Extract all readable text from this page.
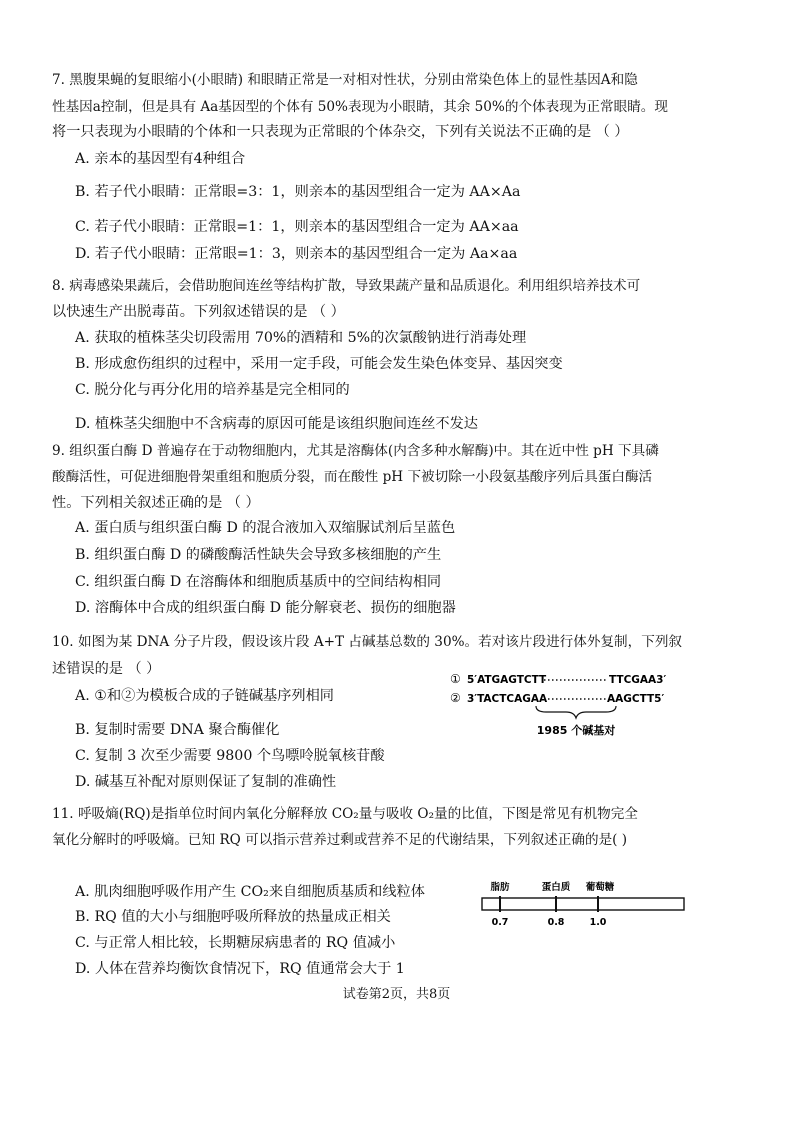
7. 黑腹果蝇的复眼缩小(小眼睛) 和眼睛正常是一对相对性状，分别由常染色体上的显性基因A和隐
性基因a控制，但是具有 Aa基因型的个体有 50%表现为小眼睛，其余 50%的个体表现为正常眼睛。现
将一只表现为小眼睛的个体和一只表现为正常眼的个体杂交，下列有关说法不正确的是 （ ）
A. 亲本的基因型有4种组合
B. 若子代小眼睛：正常眼=3：1，则亲本的基因型组合一定为 AA×Aa
C. 若子代小眼睛：正常眼=1：1，则亲本的基因型组合一定为 AA×aa
D. 若子代小眼睛：正常眼=1：3，则亲本的基因型组合一定为 Aa×aa
8. 病毒感染果蔬后，会借助胞间连丝等结构扩散，导致果蔬产量和品质退化。利用组织培养技术可
以快速生产出脱毒苗。下列叙述错误的是 （ ）
A. 获取的植株茎尖切段需用 70%的酒精和 5%的次氯酸钠进行消毒处理
B. 形成愈伤组织的过程中，采用一定手段，可能会发生染色体变异、基因突变
C. 脱分化与再分化用的培养基是完全相同的
D. 植株茎尖细胞中不含病毒的原因可能是该组织胞间连丝不发达
9. 组织蛋白酶 D 普遍存在于动物细胞内，尤其是溶酶体(内含多种水解酶)中。其在近中性 pH 下具磷
酸酶活性，可促进细胞骨架重组和胞质分裂，而在酸性 pH 下被切除一小段氨基酸序列后具蛋白酶活
性。下列相关叙述正确的是 （ ）
A. 蛋白质与组织蛋白酶 D 的混合液加入双缩脲试剂后呈蓝色
B. 组织蛋白酶 D 的磷酸酶活性缺失会导致多核细胞的产生
C. 组织蛋白酶 D 在溶酶体和细胞质基质中的空间结构相同
D. 溶酶体中合成的组织蛋白酶 D 能分解衰老、损伤的细胞器
10. 如图为某 DNA 分子片段，假设该片段 A+T 占碱基总数的 30%。若对该片段进行体外复制，下列叙
述错误的是 （ ）
A. ①和②为模板合成的子链碱基序列相同
B. 复制时需要 DNA 聚合酶催化
C. 复制 3 次至少需要 9800 个鸟嘌呤脱氧核苷酸
D. 碱基互补配对原则保证了复制的准确性
① 5′ATGAGTCTT	TTCGAA3′
② 3′TACTCAGAA	AAGCTT5′
1985 个碱基对
11. 呼吸熵(RQ)是指单位时间内氧化分解释放 CO₂量与吸收 O₂量的比值，下图是常见有机物完全
氧化分解时的呼吸熵。已知 RQ 可以指示营养过剩或营养不足的代谢结果，下列叙述正确的是( )
A. 肌肉细胞呼吸作用产生 CO₂来自细胞质基质和线粒体
B. RQ 值的大小与细胞呼吸所释放的热量成正相关
C. 与正常人相比较，长期糖尿病患者的 RQ 值减小
D. 人体在营养均衡饮食情况下，RQ 值通常会大于 1
脂肪	蛋白质 葡萄糖
0.7	0.8	1.0
试卷第2页，共8页
